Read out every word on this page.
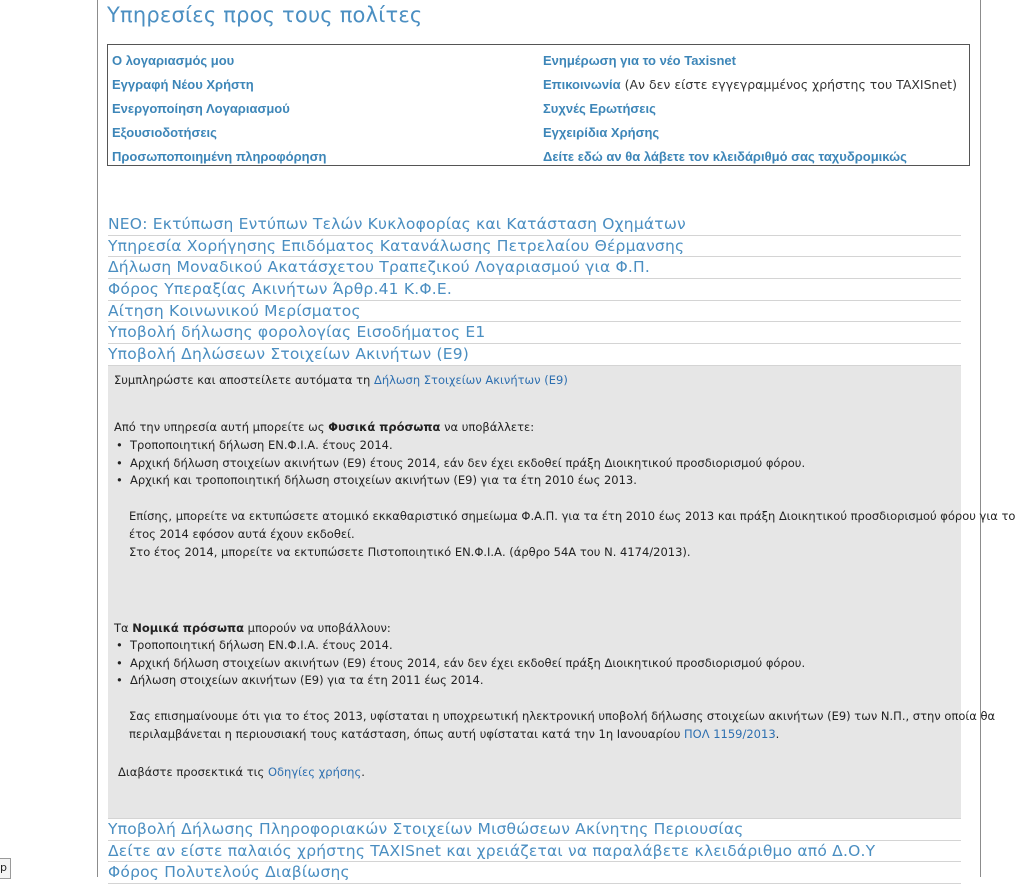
Υπηρεσίες προς τους πολίτες
Ο λογαριασμός μου
Εγγραφή Νέου Χρήστη
Ενεργοποίηση Λογαριασμού
Εξουσιοδοτήσεις
Προσωποποιημένη πληροφόρηση
Ενημέρωση για το νέο Taxisnet
Επικοινωνία (Αν δεν είστε εγγεγραμμένος χρήστης του TAXISnet)
Συχνές Ερωτήσεις
Εγχειρίδια Χρήσης
Δείτε εδώ αν θα λάβετε τον κλειδάριθμό σας ταχυδρομικώς
ΝΕΟ: Εκτύπωση Εντύπων Τελών Κυκλοφορίας και Κατάσταση Οχημάτων
Υπηρεσία Χορήγησης Επιδόματος Κατανάλωσης Πετρελαίου Θέρμανσης
Δήλωση Μοναδικού Ακατάσχετου Τραπεζικού Λογαριασμού για Φ.Π.
Φόρος Υπεραξίας Ακινήτων Άρθρ.41 Κ.Φ.Ε.
Αίτηση Κοινωνικού Μερίσματος
Υποβολή δήλωσης φορολογίας Εισοδήματος Ε1
Υποβολή Δηλώσεων Στοιχείων Ακινήτων (Ε9)
Συμπληρώστε και αποστείλετε αυτόματα τη Δήλωση Στοιχείων Ακινήτων (Ε9)
Από την υπηρεσία αυτή μπορείτε ως Φυσικά πρόσωπα να υποβάλλετε:
• Τροποποιητική δήλωση ΕΝ.Φ.Ι.Α. έτους 2014.
• Αρχική δήλωση στοιχείων ακινήτων (Ε9) έτους 2014, εάν δεν έχει εκδοθεί πράξη Διοικητικού προσδιορισμού φόρου.
• Αρχική και τροποποιητική δήλωση στοιχείων ακινήτων (Ε9) για τα έτη 2010 έως 2013.
Επίσης, μπορείτε να εκτυπώσετε ατομικό εκκαθαριστικό σημείωμα Φ.Α.Π. για τα έτη 2010 έως 2013 και πράξη Διοικητικού προσδιορισμού φόρου για το
έτος 2014 εφόσον αυτά έχουν εκδοθεί.
Στο έτος 2014, μπορείτε να εκτυπώσετε Πιστοποιητικό ΕΝ.Φ.Ι.Α. (άρθρο 54Α του Ν. 4174/2013).
Τα Νομικά πρόσωπα μπορούν να υποβάλλουν:
• Τροποποιητική δήλωση ΕΝ.Φ.Ι.Α. έτους 2014.
• Αρχική δήλωση στοιχείων ακινήτων (Ε9) έτους 2014, εάν δεν έχει εκδοθεί πράξη Διοικητικού προσδιορισμού φόρου.
• Δήλωση στοιχείων ακινήτων (Ε9) για τα έτη 2011 έως 2014.
Σας επισημαίνουμε ότι για το έτος 2013, υφίσταται η υποχρεωτική ηλεκτρονική υποβολή δήλωσης στοιχείων ακινήτων (Ε9) των Ν.Π., στην οποία θα
περιλαμβάνεται η περιουσιακή τους κατάσταση, όπως αυτή υφίσταται κατά την 1η Ιανουαρίου ΠΟΛ 1159/2013.
Διαβάστε προσεκτικά τις Οδηγίες χρήσης.
Υποβολή Δήλωσης Πληροφοριακών Στοιχείων Μισθώσεων Ακίνητης Περιουσίας
Δείτε αν είστε παλαιός χρήστης TAXISnet και χρειάζεται να παραλάβετε κλειδάριθμο από Δ.Ο.Υ
Φόρος Πολυτελούς Διαβίωσης
p
